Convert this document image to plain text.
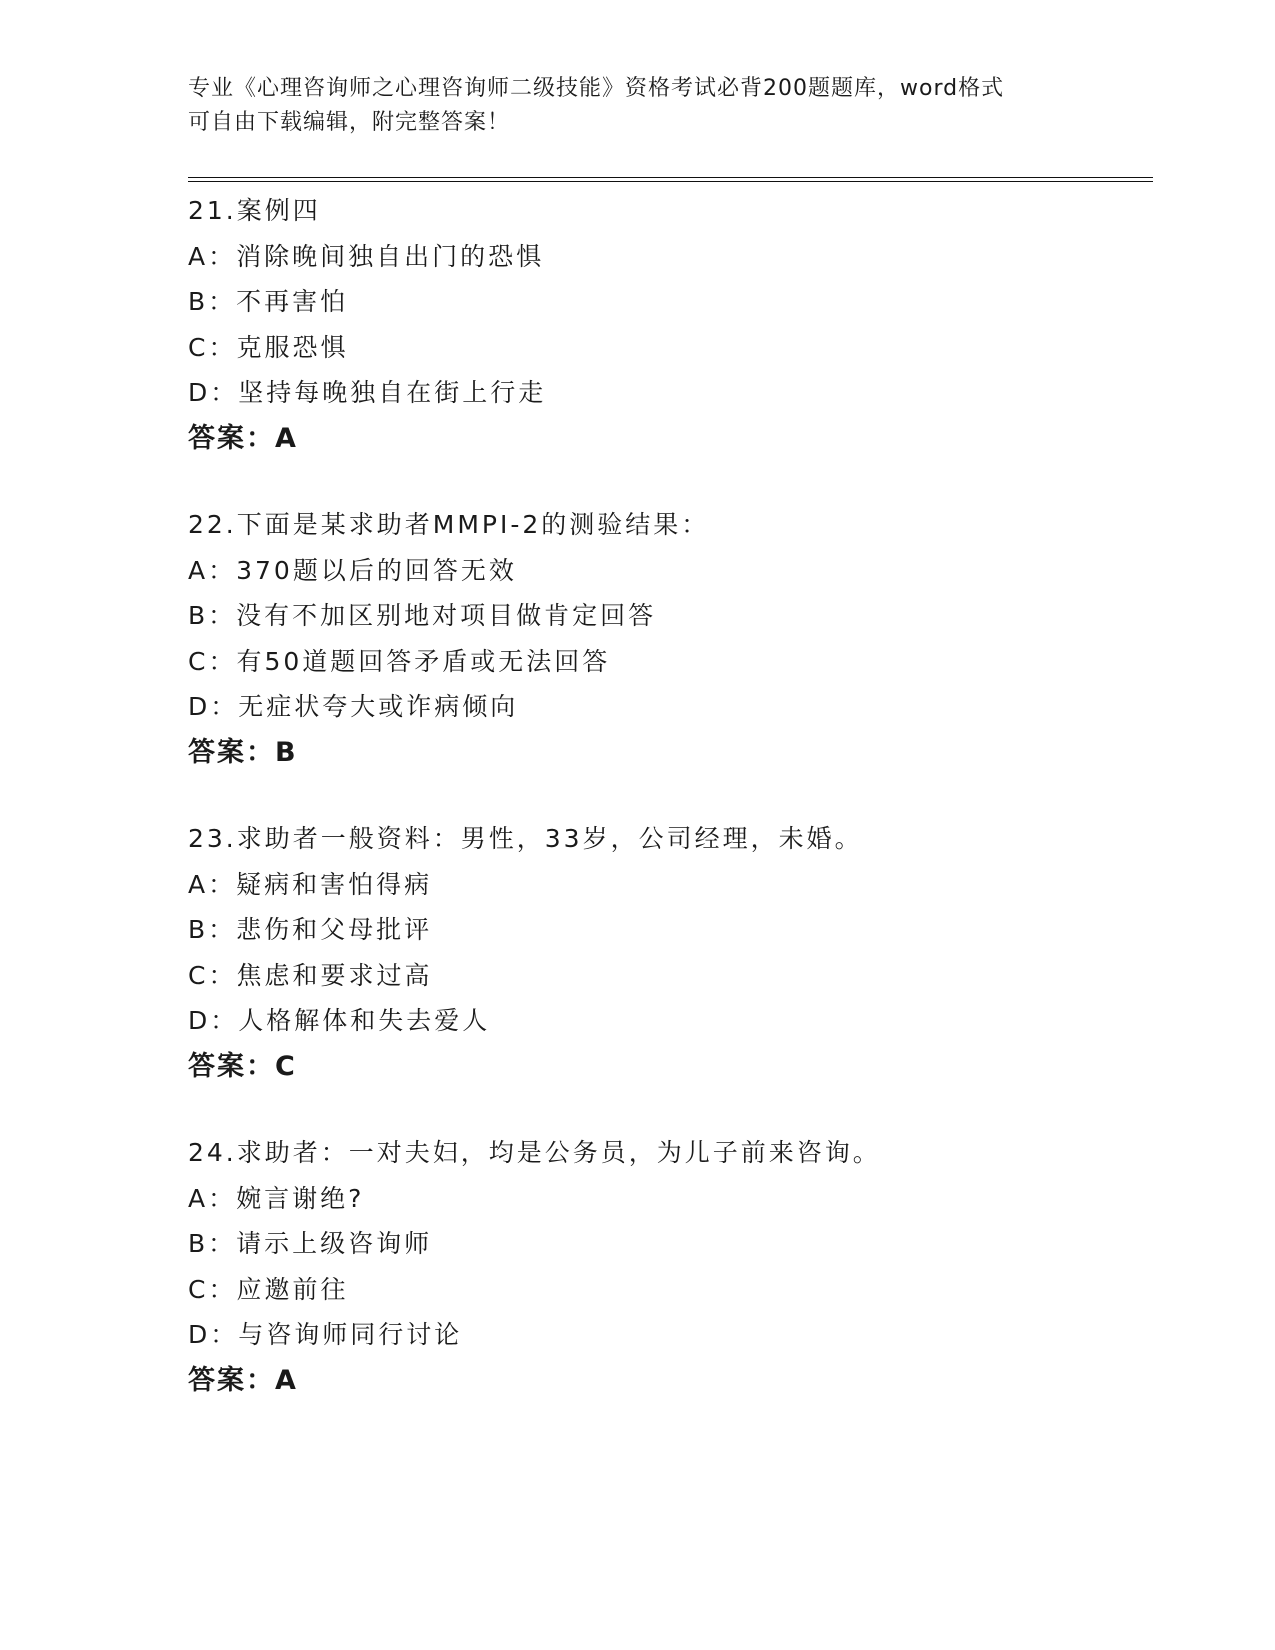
专业《心理咨询师之心理咨询师二级技能》资格考试必背200题题库，word格式
可自由下载编辑，附完整答案！
21.案例四
A：消除晚间独自出门的恐惧
B：不再害怕
C：克服恐惧
D：坚持每晚独自在街上行走
答案：A
22.下面是某求助者MMPI-2的测验结果：
A：370题以后的回答无效
B：没有不加区别地对项目做肯定回答
C：有50道题回答矛盾或无法回答
D：无症状夸大或诈病倾向
答案：B
23.求助者一般资料：男性，33岁，公司经理，未婚。
A：疑病和害怕得病
B：悲伤和父母批评
C：焦虑和要求过高
D：人格解体和失去爱人
答案：C
24.求助者：一对夫妇，均是公务员，为儿子前来咨询。
A：婉言谢绝?
B：请示上级咨询师
C：应邀前往
D：与咨询师同行讨论
答案：A
